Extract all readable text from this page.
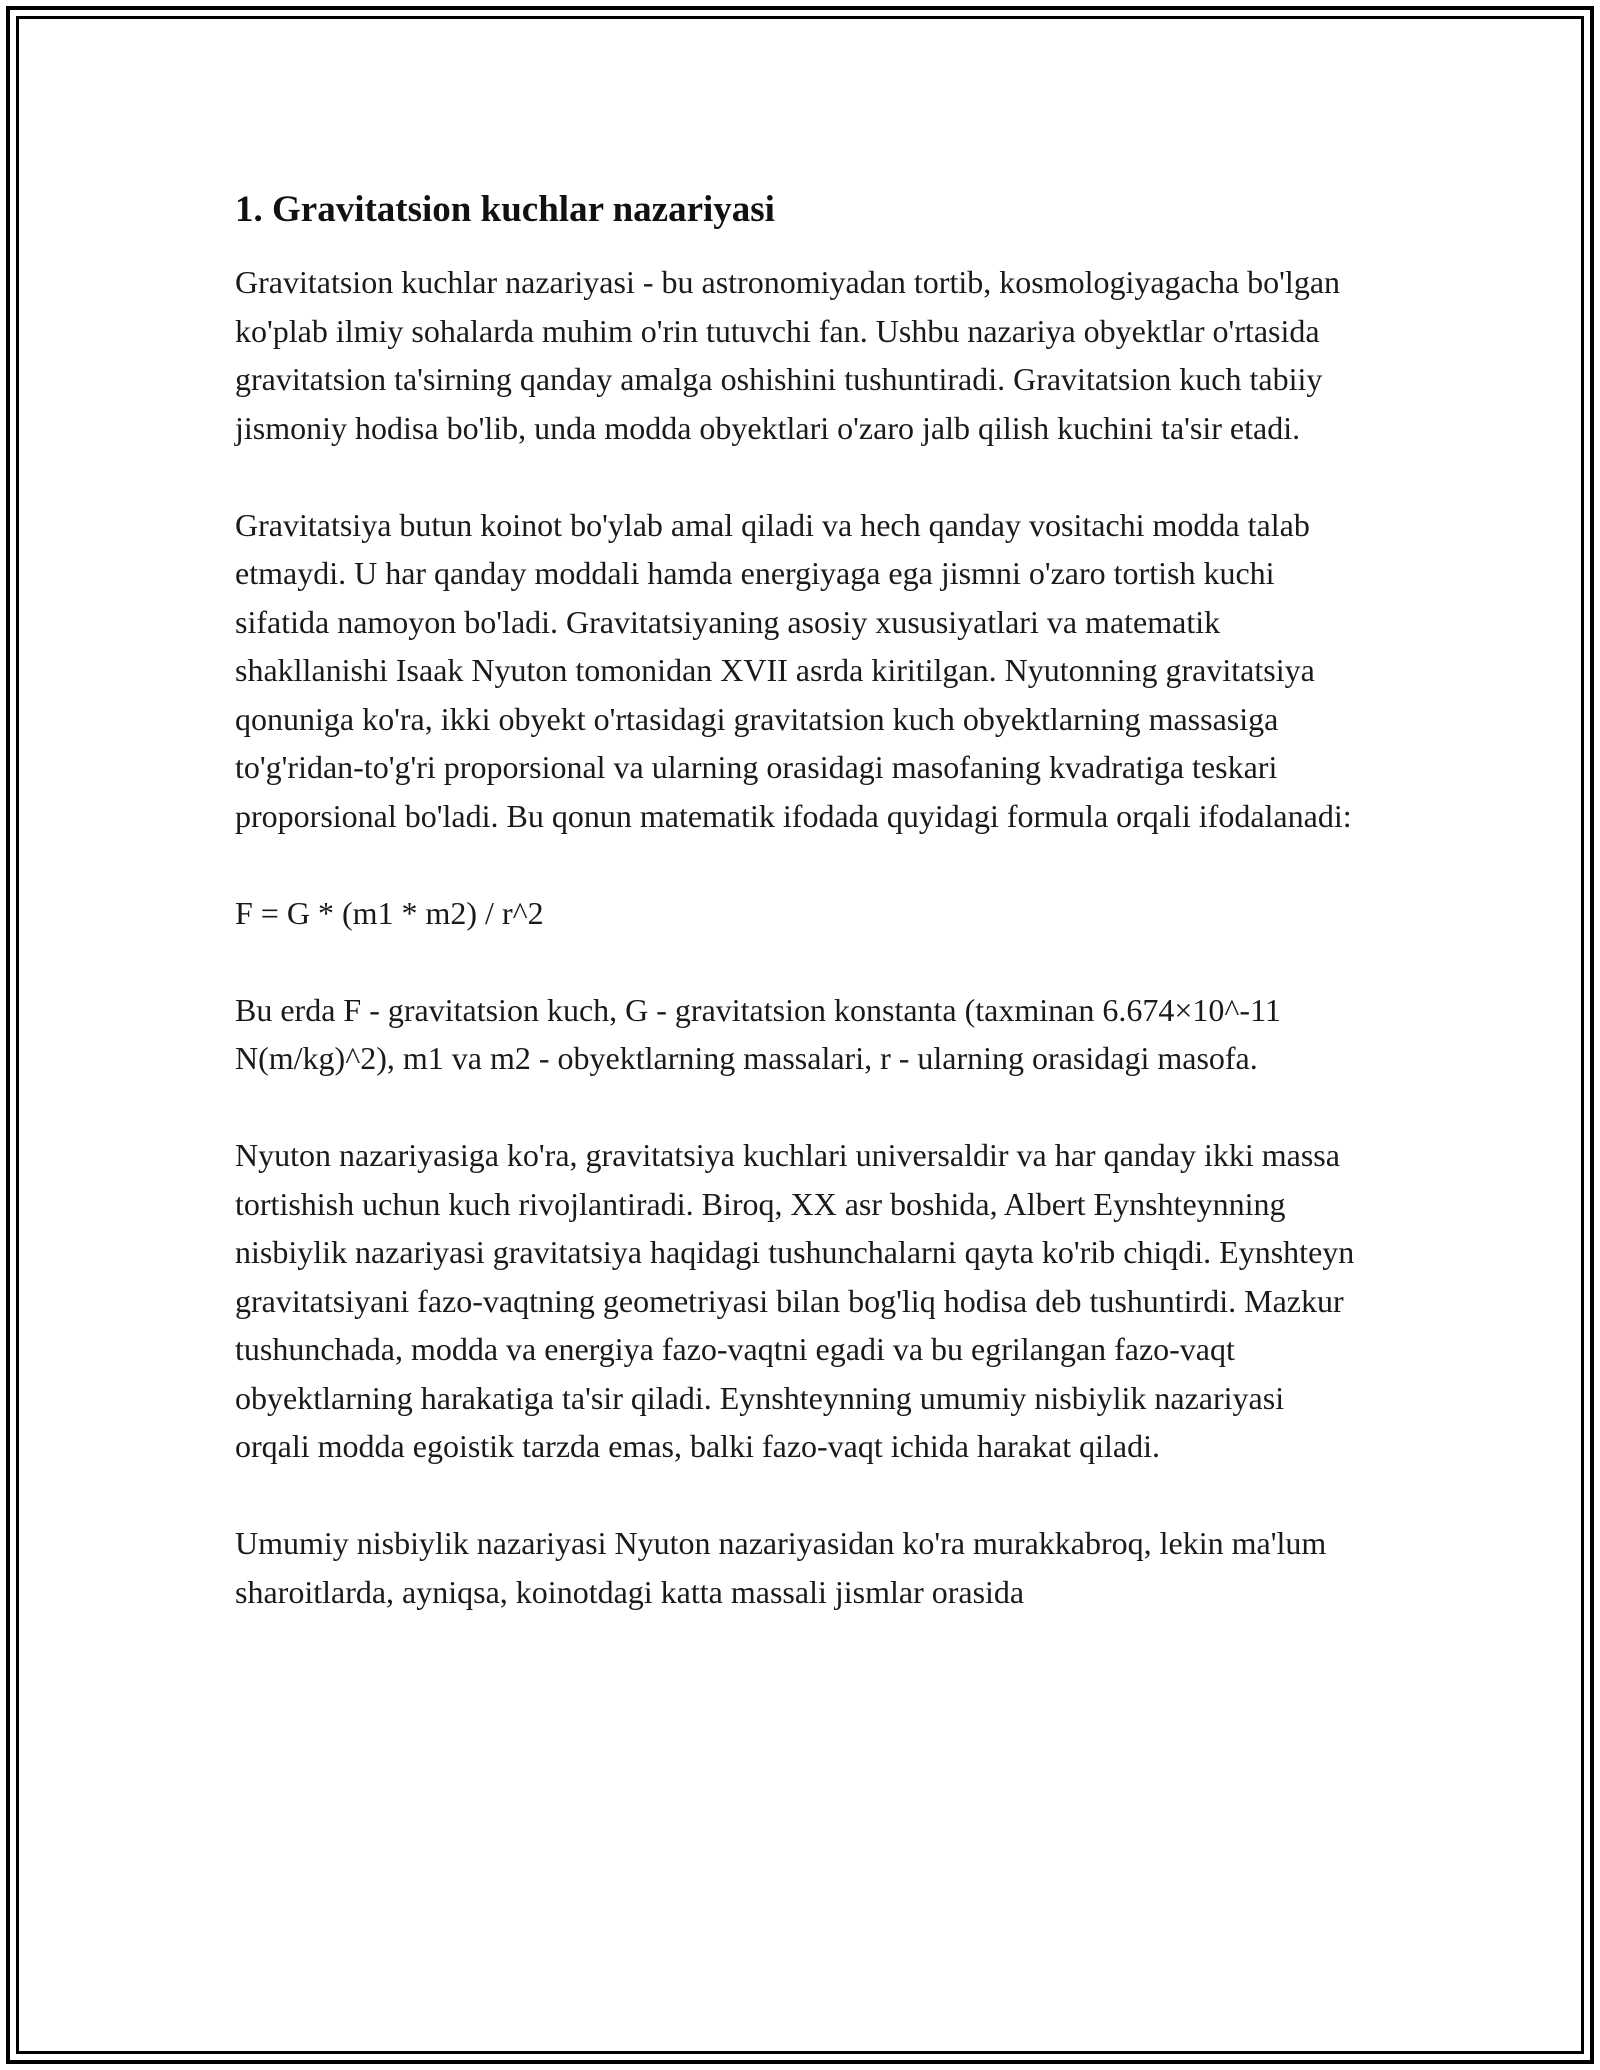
1. Gravitatsion kuchlar nazariyasi

Gravitatsion kuchlar nazariyasi - bu astronomiyadan tortib, kosmologiyagacha bo'lgan ko'plab ilmiy sohalarda muhim o'rin tutuvchi fan. Ushbu nazariya obyektlar o'rtasida gravitatsion ta'sirning qanday amalga oshishini tushuntiradi. Gravitatsion kuch tabiiy jismoniy hodisa bo'lib, unda modda obyektlari o'zaro jalb qilish kuchini ta'sir etadi.

Gravitatsiya butun koinot bo'ylab amal qiladi va hech qanday vositachi modda talab etmaydi. U har qanday moddali hamda energiyaga ega jismni o'zaro tortish kuchi sifatida namoyon bo'ladi. Gravitatsiyaning asosiy xususiyatlari va matematik shakllanishi Isaak Nyuton tomonidan XVII asrda kiritilgan. Nyutonning gravitatsiya qonuniga ko'ra, ikki obyekt o'rtasidagi gravitatsion kuch obyektlarning massasiga to'g'ridan-to'g'ri proporsional va ularning orasidagi masofaning kvadratiga teskari proporsional bo'ladi. Bu qonun matematik ifodada quyidagi formula orqali ifodalanadi:

F = G * (m1 * m2) / r^2

Bu erda F - gravitatsion kuch, G - gravitatsion konstanta (taxminan 6.674×10^-11 N(m/kg)^2), m1 va m2 - obyektlarning massalari, r - ularning orasidagi masofa.

Nyuton nazariyasiga ko'ra, gravitatsiya kuchlari universaldir va har qanday ikki massa tortishish uchun kuch rivojlantiradi. Biroq, XX asr boshida, Albert Eynshteynning nisbiylik nazariyasi gravitatsiya haqidagi tushunchalarni qayta ko'rib chiqdi. Eynshteyn gravitatsiyani fazo-vaqtning geometriyasi bilan bog'liq hodisa deb tushuntirdi. Mazkur tushunchada, modda va energiya fazo-vaqtni egadi va bu egrilangan fazo-vaqt obyektlarning harakatiga ta'sir qiladi. Eynshteynning umumiy nisbiylik nazariyasi orqali modda egoistik tarzda emas, balki fazo-vaqt ichida harakat qiladi.

Umumiy nisbiylik nazariyasi Nyuton nazariyasidan ko'ra murakkabroq, lekin ma'lum sharoitlarda, ayniqsa, koinotdagi katta massali jismlar orasida
